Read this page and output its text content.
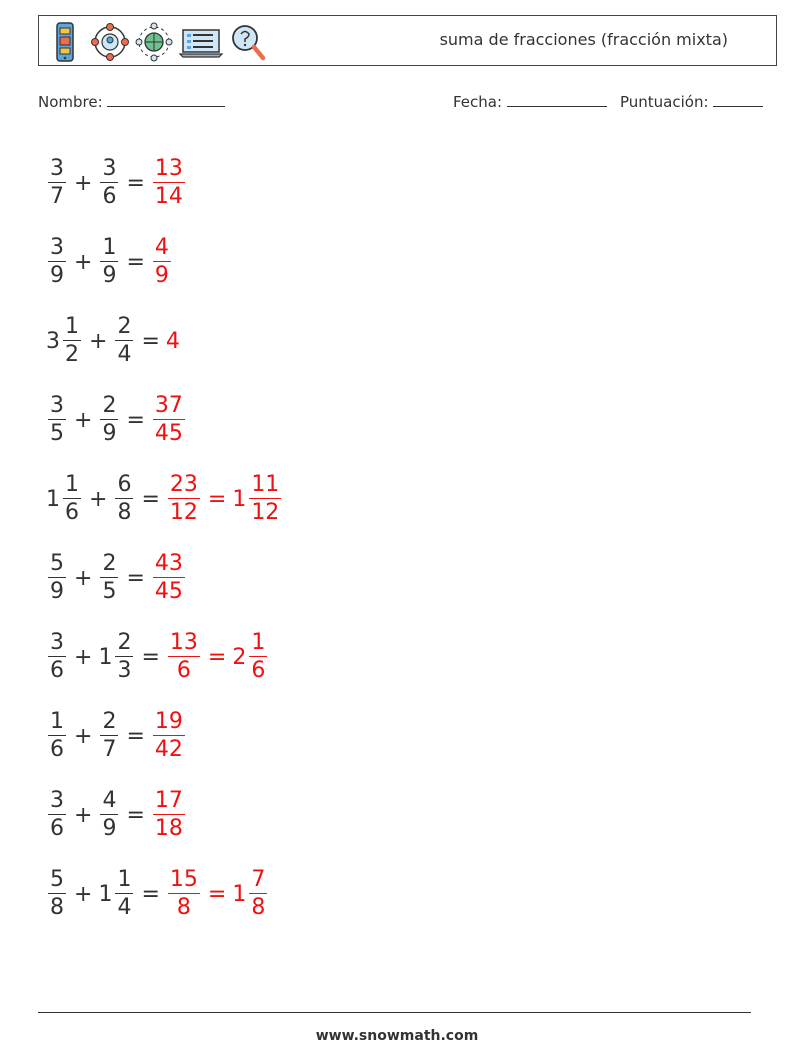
suma de fracciones (fracción mixta)
Nombre:	Fecha:	Puntuación:
$\frac{3}{7} + \frac{3}{6} = \frac{13}{14}$
$\frac{3}{9} + \frac{1}{9} = \frac{4}{9}$
$3 \frac{1}{2} + \frac{2}{4} = 4$
$\frac{3}{5} + \frac{2}{9} = \frac{37}{45}$
$1 \frac{1}{6} + \frac{6}{8} = \frac{23}{12} = 1 \frac{11}{12}$
$\frac{5}{9} + \frac{2}{5} = \frac{43}{45}$
$\frac{3}{6} + 1 \frac{2}{3} = \frac{13}{6} = 2 \frac{1}{6}$
$\frac{1}{6} + \frac{2}{7} = \frac{19}{42}$
$\frac{3}{6} + \frac{4}{9} = \frac{17}{18}$
$\frac{5}{8} + 1 \frac{1}{4} = \frac{15}{8} = 1 \frac{7}{8}$
www.snowmath.com
